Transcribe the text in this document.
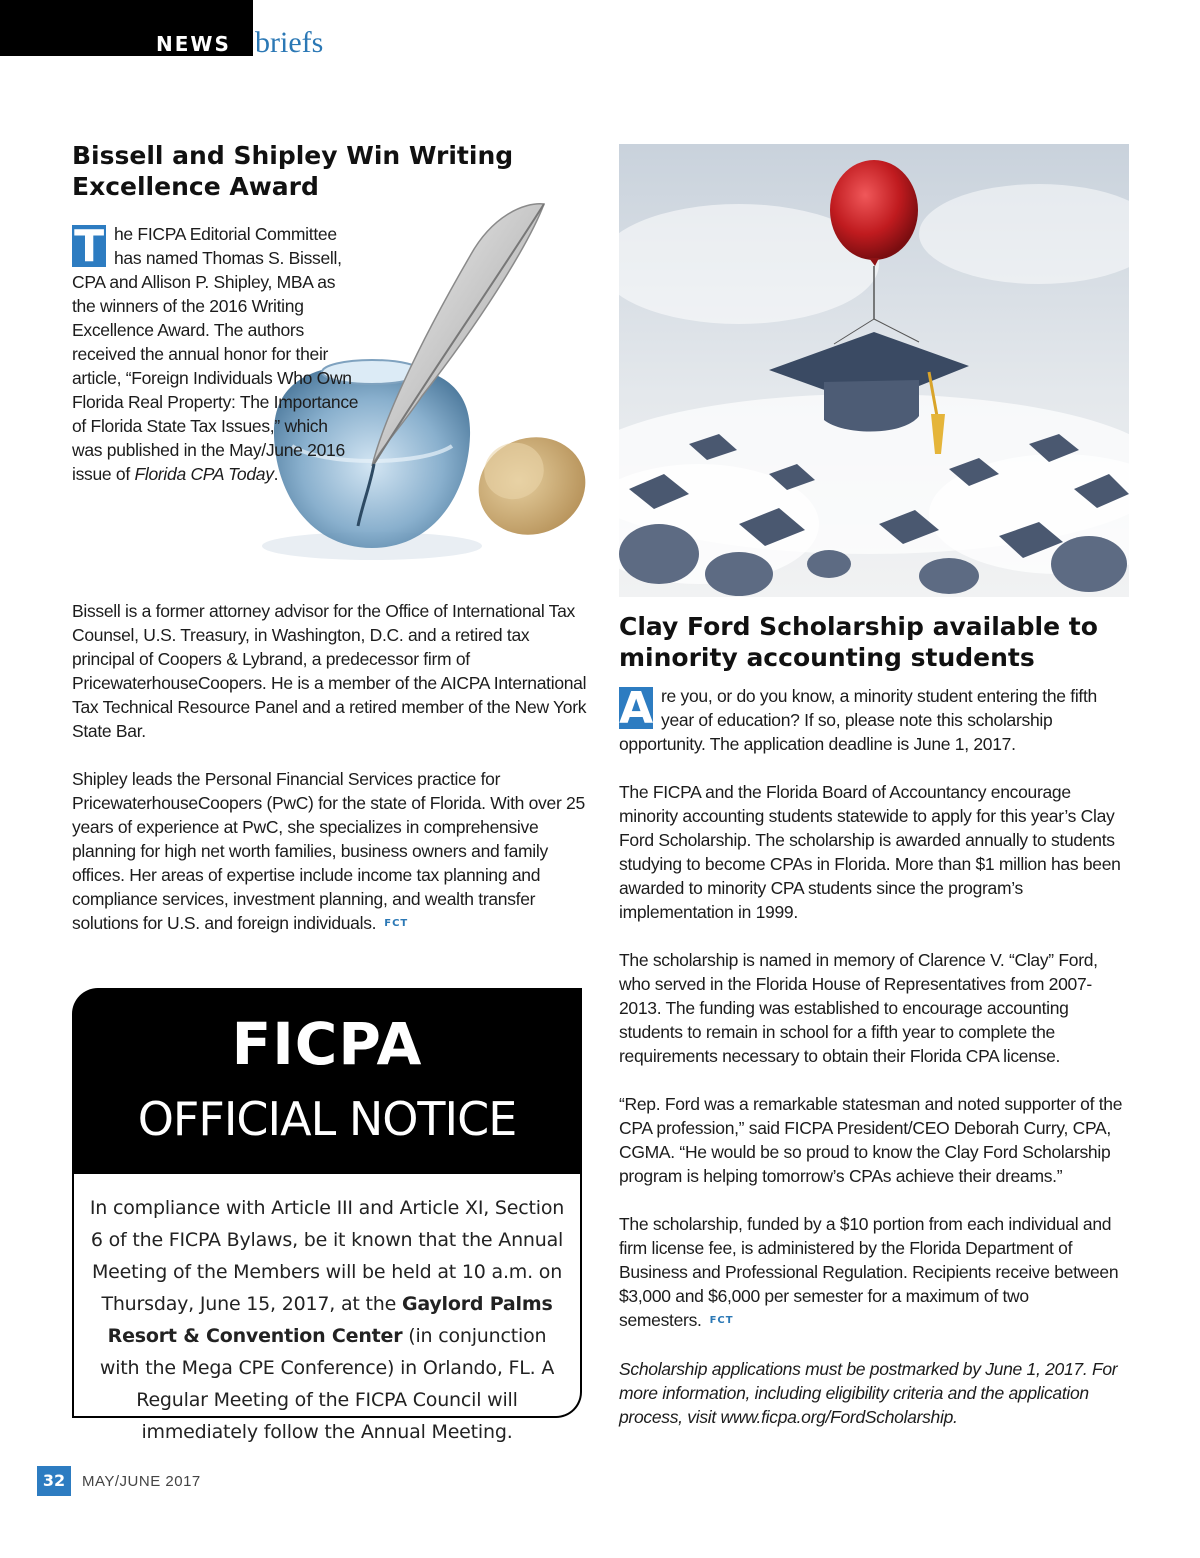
NEWS briefs
Bissell and Shipley Win Writing Excellence Award
T he FICPA Editorial Committee has named Thomas S. Bissell, CPA and Allison P. Shipley, MBA as the winners of the 2016 Writing Excellence Award. The authors received the annual honor for their article, “Foreign Individuals Who Own Florida Real Property: The Importance of Florida State Tax Issues,” which was published in the May/June 2016 issue of Florida CPA Today.

Bissell is a former attorney advisor for the Office of International Tax Counsel, U.S. Treasury, in Washington, D.C. and a retired tax principal of Coopers & Lybrand, a predecessor firm of PricewaterhouseCoopers. He is a member of the AICPA International Tax Technical Resource Panel and a retired member of the New York State Bar.

Shipley leads the Personal Financial Services practice for PricewaterhouseCoopers (PwC) for the state of Florida. With over 25 years of experience at PwC, she specializes in comprehensive planning for high net worth families, business owners and family offices. Her areas of expertise include income tax planning and compliance services, investment planning, and wealth transfer solutions for U.S. and foreign individuals. FCT

FICPA
OFFICIAL NOTICE
In compliance with Article III and Article XI, Section 6 of the FICPA Bylaws, be it known that the Annual Meeting of the Members will be held at 10 a.m. on Thursday, June 15, 2017, at the Gaylord Palms Resort & Convention Center (in conjunction with the Mega CPE Conference) in Orlando, FL. A Regular Meeting of the FICPA Council will immediately follow the Annual Meeting.
Clay Ford Scholarship available to minority accounting students

A re you, or do you know, a minority student entering the fifth year of education? If so, please note this scholarship opportunity. The application deadline is June 1, 2017.

The FICPA and the Florida Board of Accountancy encourage minority accounting students statewide to apply for this year’s Clay Ford Scholarship. The scholarship is awarded annually to students studying to become CPAs in Florida. More than $1 million has been awarded to minority CPA students since the program’s implementation in 1999.

The scholarship is named in memory of Clarence V. “Clay” Ford, who served in the Florida House of Representatives from 2007-2013. The funding was established to encourage accounting students to remain in school for a fifth year to complete the requirements necessary to obtain their Florida CPA license.

“Rep. Ford was a remarkable statesman and noted supporter of the CPA profession,” said FICPA President/CEO Deborah Curry, CPA, CGMA. “He would be so proud to know the Clay Ford Scholarship program is helping tomorrow’s CPAs achieve their dreams.”

The scholarship, funded by a $10 portion from each individual and firm license fee, is administered by the Florida Department of Business and Professional Regulation. Recipients receive between $3,000 and $6,000 per semester for a maximum of two semesters. FCT

Scholarship applications must be postmarked by June 1, 2017. For more information, including eligibility criteria and the application process, visit www.ficpa.org/FordScholarship.

32	MAY/JUNE 2017
